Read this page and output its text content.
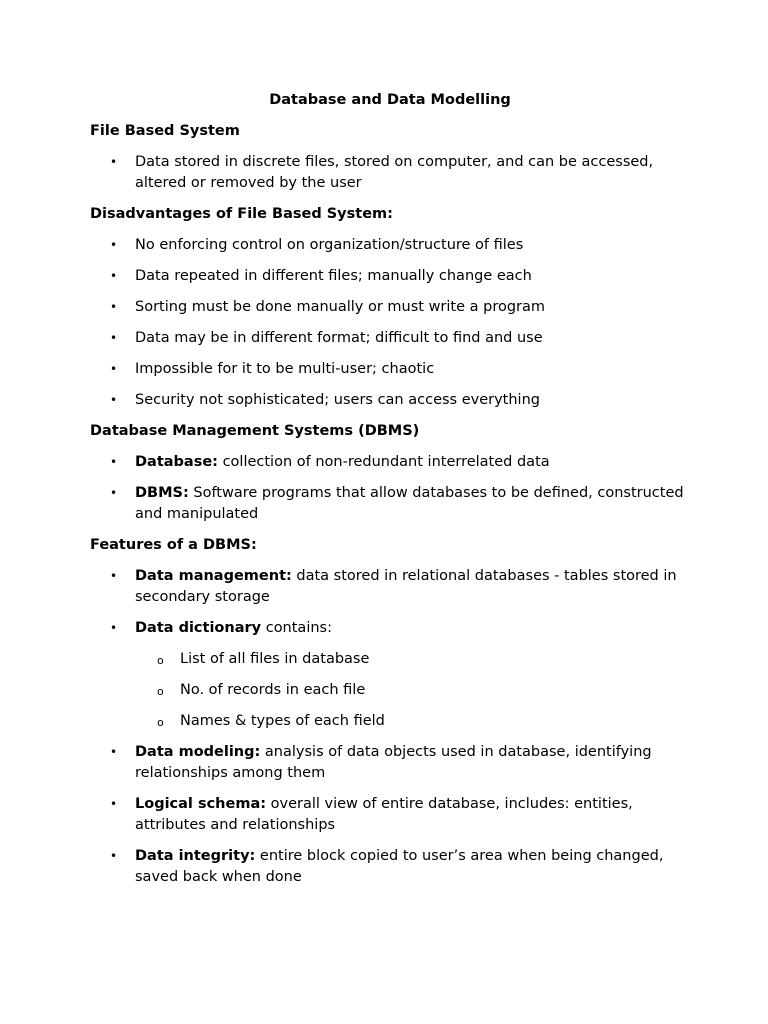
Database and Data Modelling
File Based System
• Data stored in discrete files, stored on computer, and can be accessed, altered or removed by the user
Disadvantages of File Based System:
• No enforcing control on organization/structure of files
• Data repeated in different files; manually change each
• Sorting must be done manually or must write a program
• Data may be in different format; difficult to find and use
• Impossible for it to be multi-user; chaotic
• Security not sophisticated; users can access everything
Database Management Systems (DBMS)
• Database: collection of non-redundant interrelated data
• DBMS: Software programs that allow databases to be defined, constructed and manipulated
Features of a DBMS:
• Data management: data stored in relational databases - tables stored in secondary storage
• Data dictionary contains:
o List of all files in database
o No. of records in each file
o Names & types of each field
• Data modeling: analysis of data objects used in database, identifying relationships among them
• Logical schema: overall view of entire database, includes: entities, attributes and relationships
• Data integrity: entire block copied to user’s area when being changed, saved back when done
